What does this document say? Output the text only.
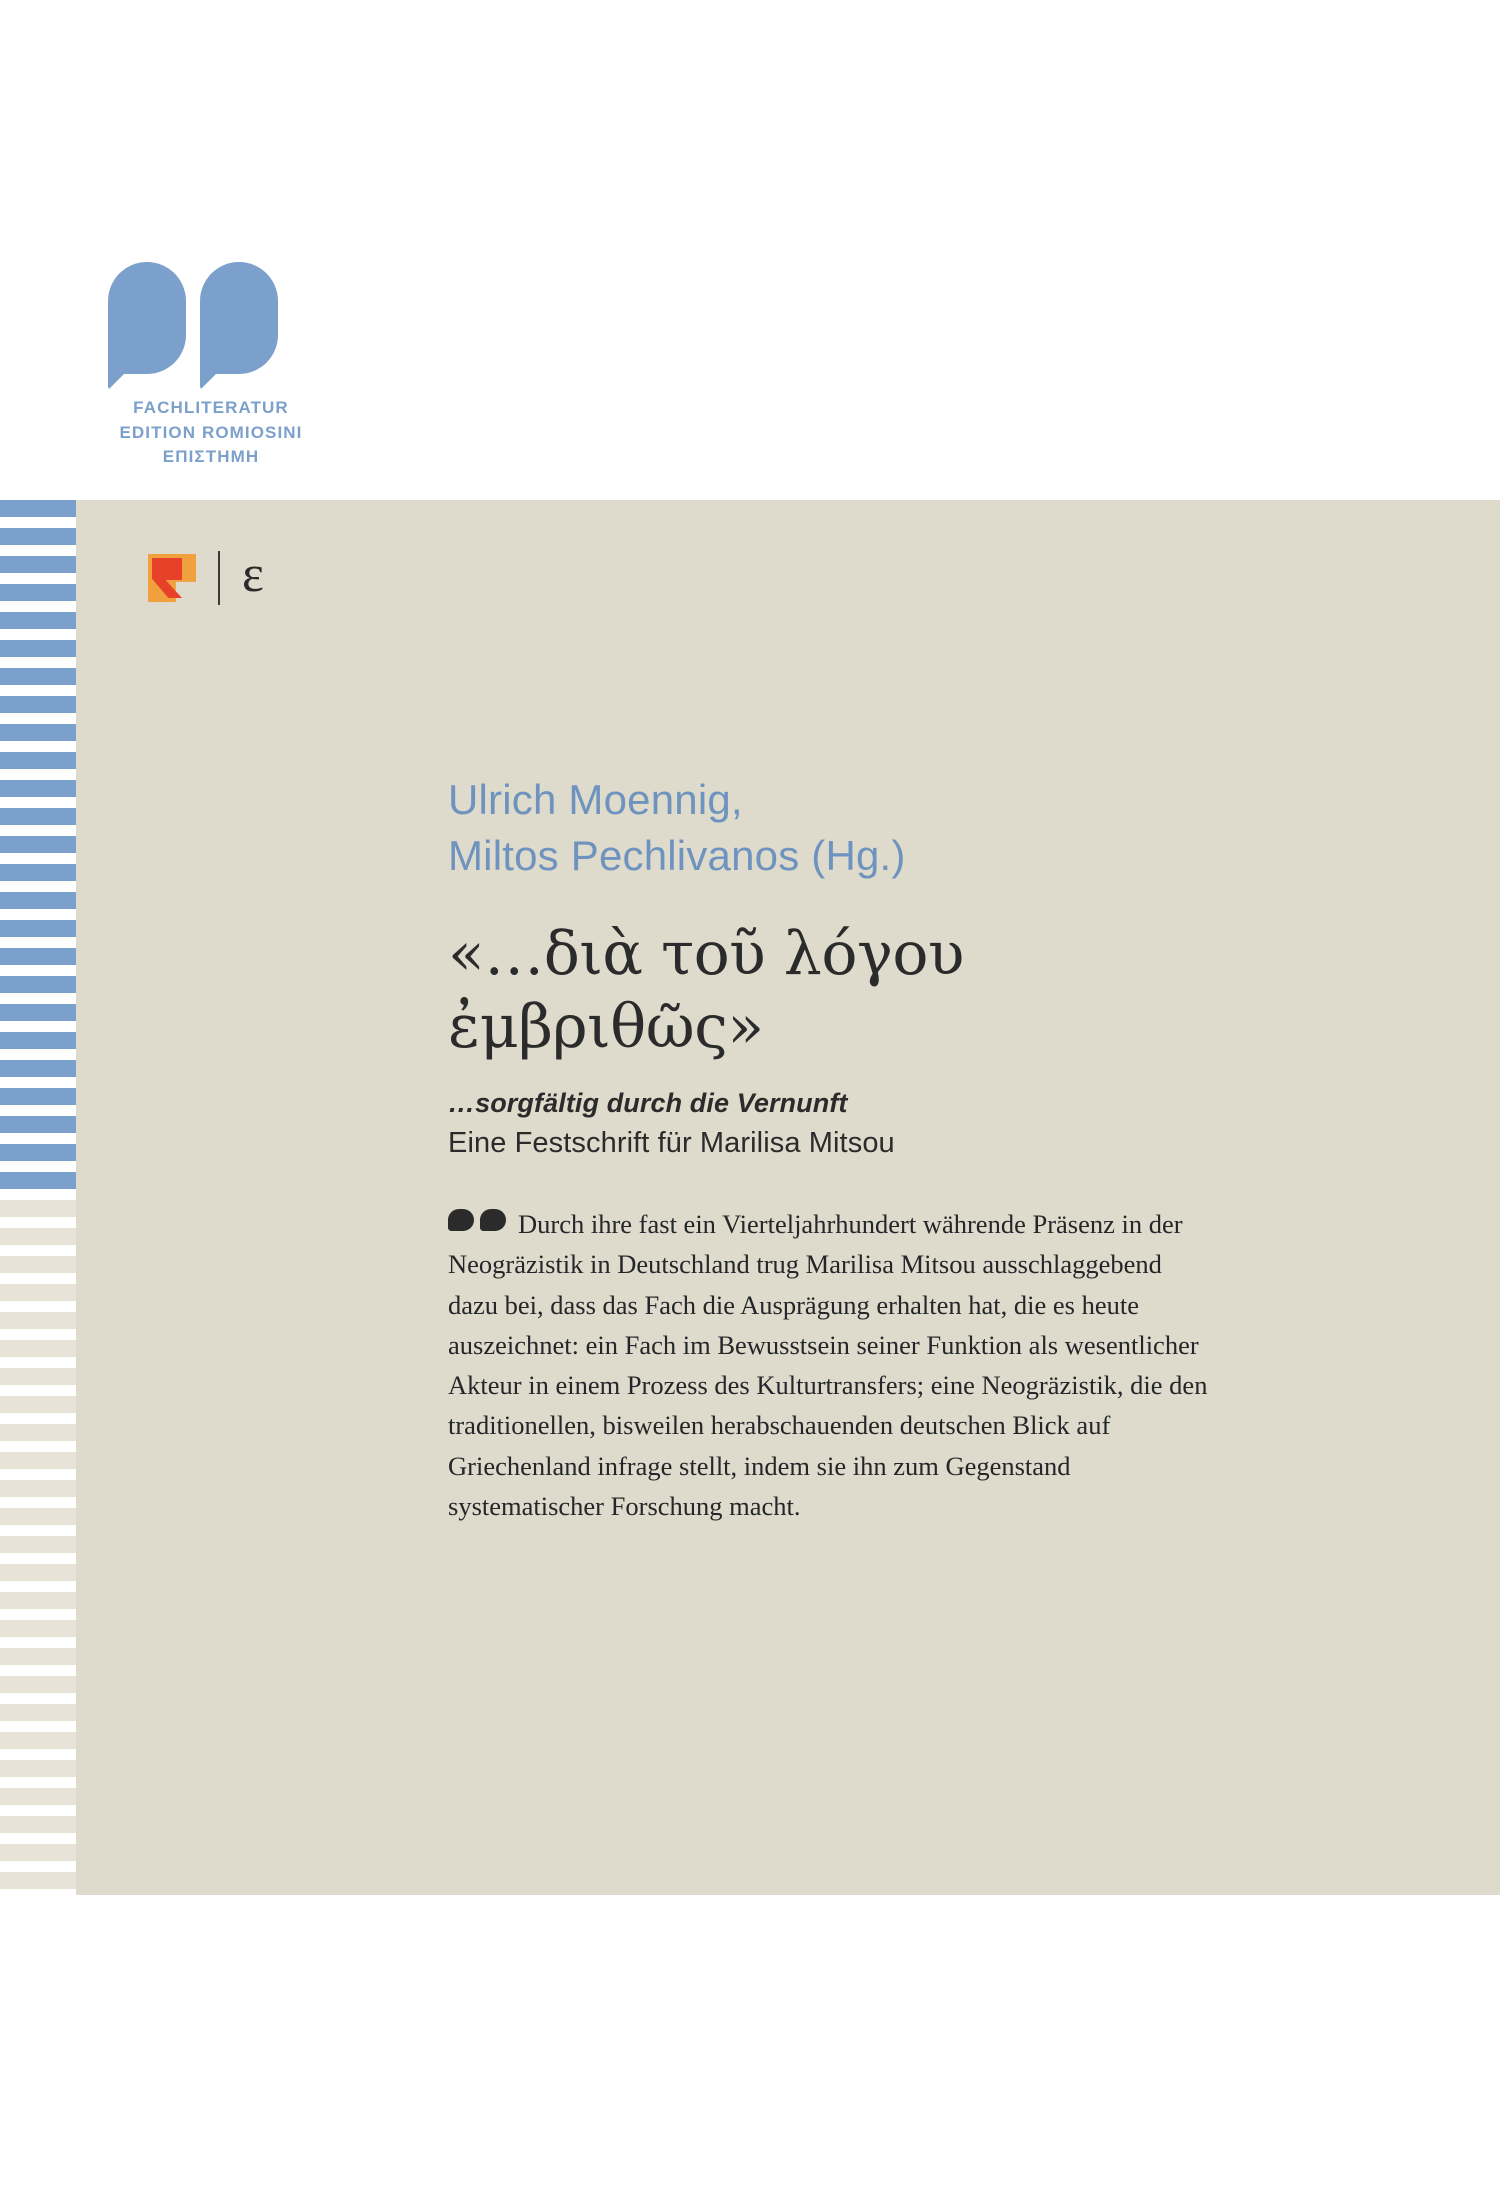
FACHLITERATUR
EDITION ROMIOSINI
ΕΠΙΣΤΗΜΗ
ε
Ulrich Moennig,
Miltos Pechlivanos (Hg.)
«…διὰ τοῦ λόγου
ἐμβριθῶς»
…sorgfältig durch die Vernunft
Eine Festschrift für Marilisa Mitsou
Durch ihre fast ein Vierteljahrhundert währende Präsenz in der Neogräzistik in Deutschland trug Marilisa Mitsou ausschlaggebend dazu bei, dass das Fach die Ausprägung erhalten hat, die es heute auszeichnet: ein Fach im Bewusstsein seiner Funktion als wesentlicher Akteur in einem Prozess des Kulturtransfers; eine Neogräzistik, die den traditionellen, bisweilen herabschauenden deutschen Blick auf Griechenland infrage stellt, indem sie ihn zum Gegenstand systematischer Forschung macht.
